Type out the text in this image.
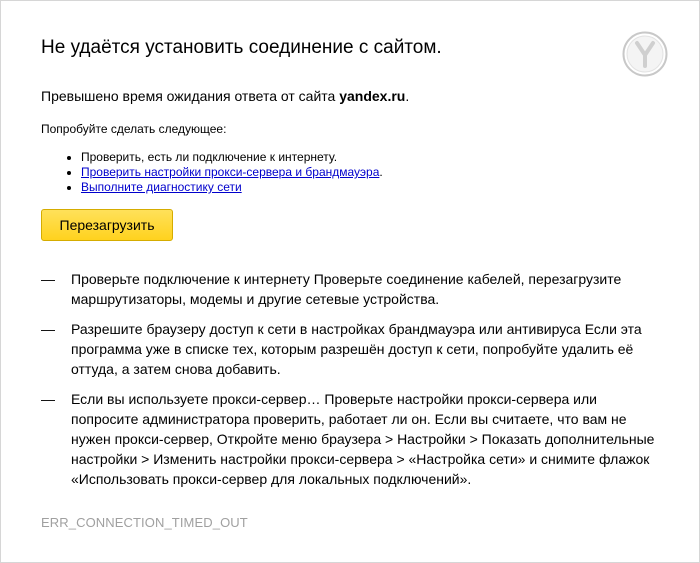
Не удаётся установить соединение с сайтом.
Превышено время ожидания ответа от сайта yandex.ru.
Попробуйте сделать следующее:
• Проверить, есть ли подключение к интернету.
• Проверить настройки прокси-сервера и брандмауэра.
• Выполните диагностику сети
Перезагрузить
— Проверьте подключение к интернету Проверьте соединение кабелей, перезагрузите маршрутизаторы, модемы и другие сетевые устройства.
— Разрешите браузеру доступ к сети в настройках брандмауэра или антивируса Если эта программа уже в списке тех, которым разрешён доступ к сети, попробуйте удалить её оттуда, а затем снова добавить.
— Если вы используете прокси-сервер… Проверьте настройки прокси-сервера или попросите администратора проверить, работает ли он. Если вы считаете, что вам не нужен прокси-сервер, Откройте меню браузера > Настройки > Показать дополнительные настройки > Изменить настройки прокси-сервера > «Настройка сети» и снимите флажок «Использовать прокси-сервер для локальных подключений».
ERR_CONNECTION_TIMED_OUT
